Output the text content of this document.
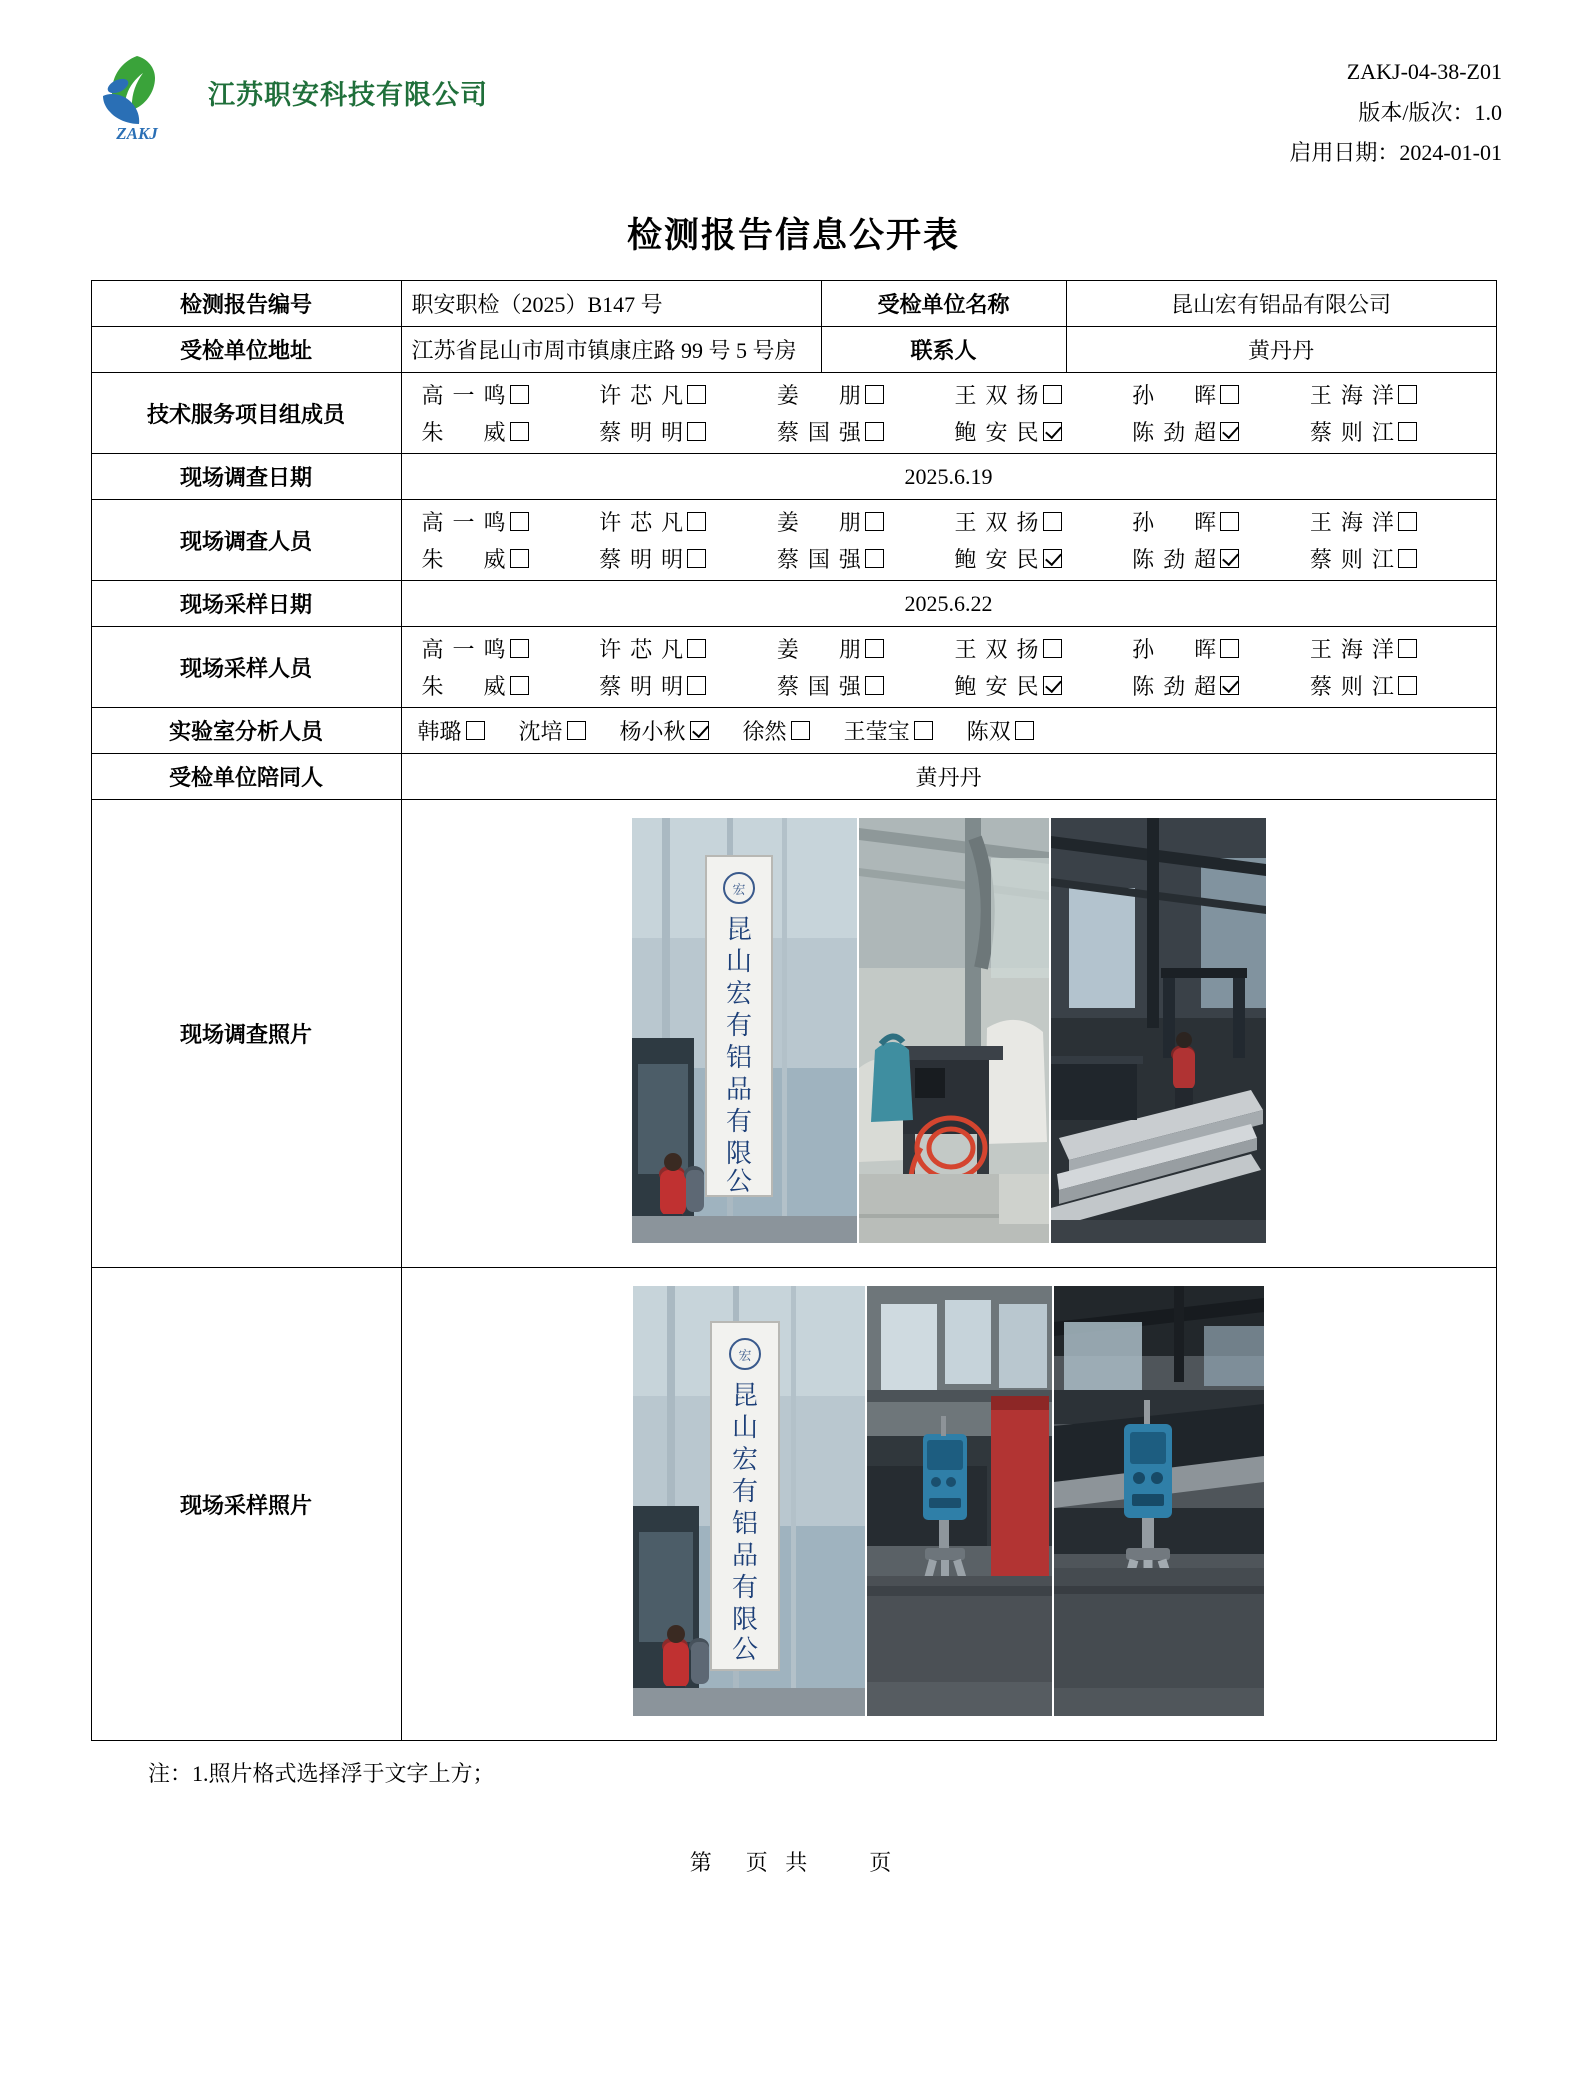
ZAKJ
江苏职安科技有限公司
ZAKJ-04-38-Z01
版本/版次：1.0
启用日期：2024-01-01
检测报告信息公开表
检测报告编号	职安职检（2025）B147 号	受检单位名称	昆山宏有铝品有限公司
受检单位地址	江苏省昆山市周市镇康庄路 99 号 5 号房	联系人	黄丹丹
技术服务项目组成员	
高一鸣	许芯凡	姜　朋	王双扬	孙　晖	王海洋
朱　威	蔡明明	蔡国强	鲍安民	陈劲超	蔡则江

现场调查日期	2025.6.19		
现场调查人员	
高一鸣	许芯凡	姜　朋	王双扬	孙　晖	王海洋
朱　威	蔡明明	蔡国强	鲍安民	陈劲超	蔡则江

现场采样日期	2025.6.22		
现场采样人员	
高一鸣	许芯凡	姜　朋	王双扬	孙　晖	王海洋
朱　威	蔡明明	蔡国强	鲍安民	陈劲超	蔡则江

实验室分析人员	韩璐	沈培	杨小秋	徐然	王莹宝	陈双

受检单位陪同人	黄丹丹		
现场调查照片	
宏
昆
山
宏
有
铝
品
有
限
公

现场采样照片	
宏
昆
山
宏
有
铝
品
有
限
公
注：1.照片格式选择浮于文字上方；
第　页 共　　页
